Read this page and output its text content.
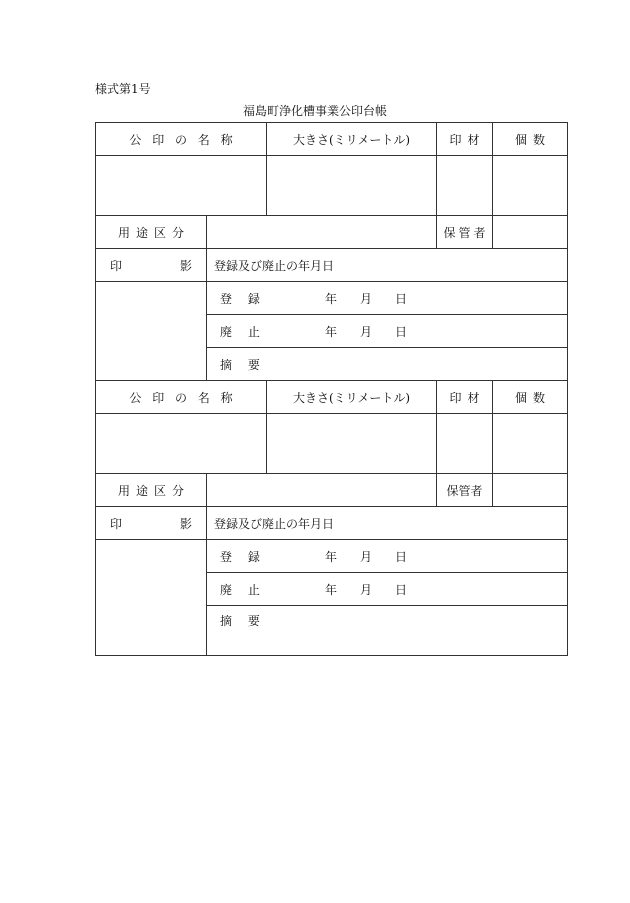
様式第1号
福島町浄化槽事業公印台帳
公印の名称		大きさ(ミリメートル)	印材	個数

用途区分			保管者	

印 影	登録及び廃止の年月日			

	登 録 年 月 日			

	廃 止 年 月 日			

	摘 要			

公印の名称		大きさ(ミリメートル)	印材	個数

用途区分			保管者	

印 影	登録及び廃止の年月日			

	登 録 年 月 日			

	廃 止 年 月 日			

	摘 要			
